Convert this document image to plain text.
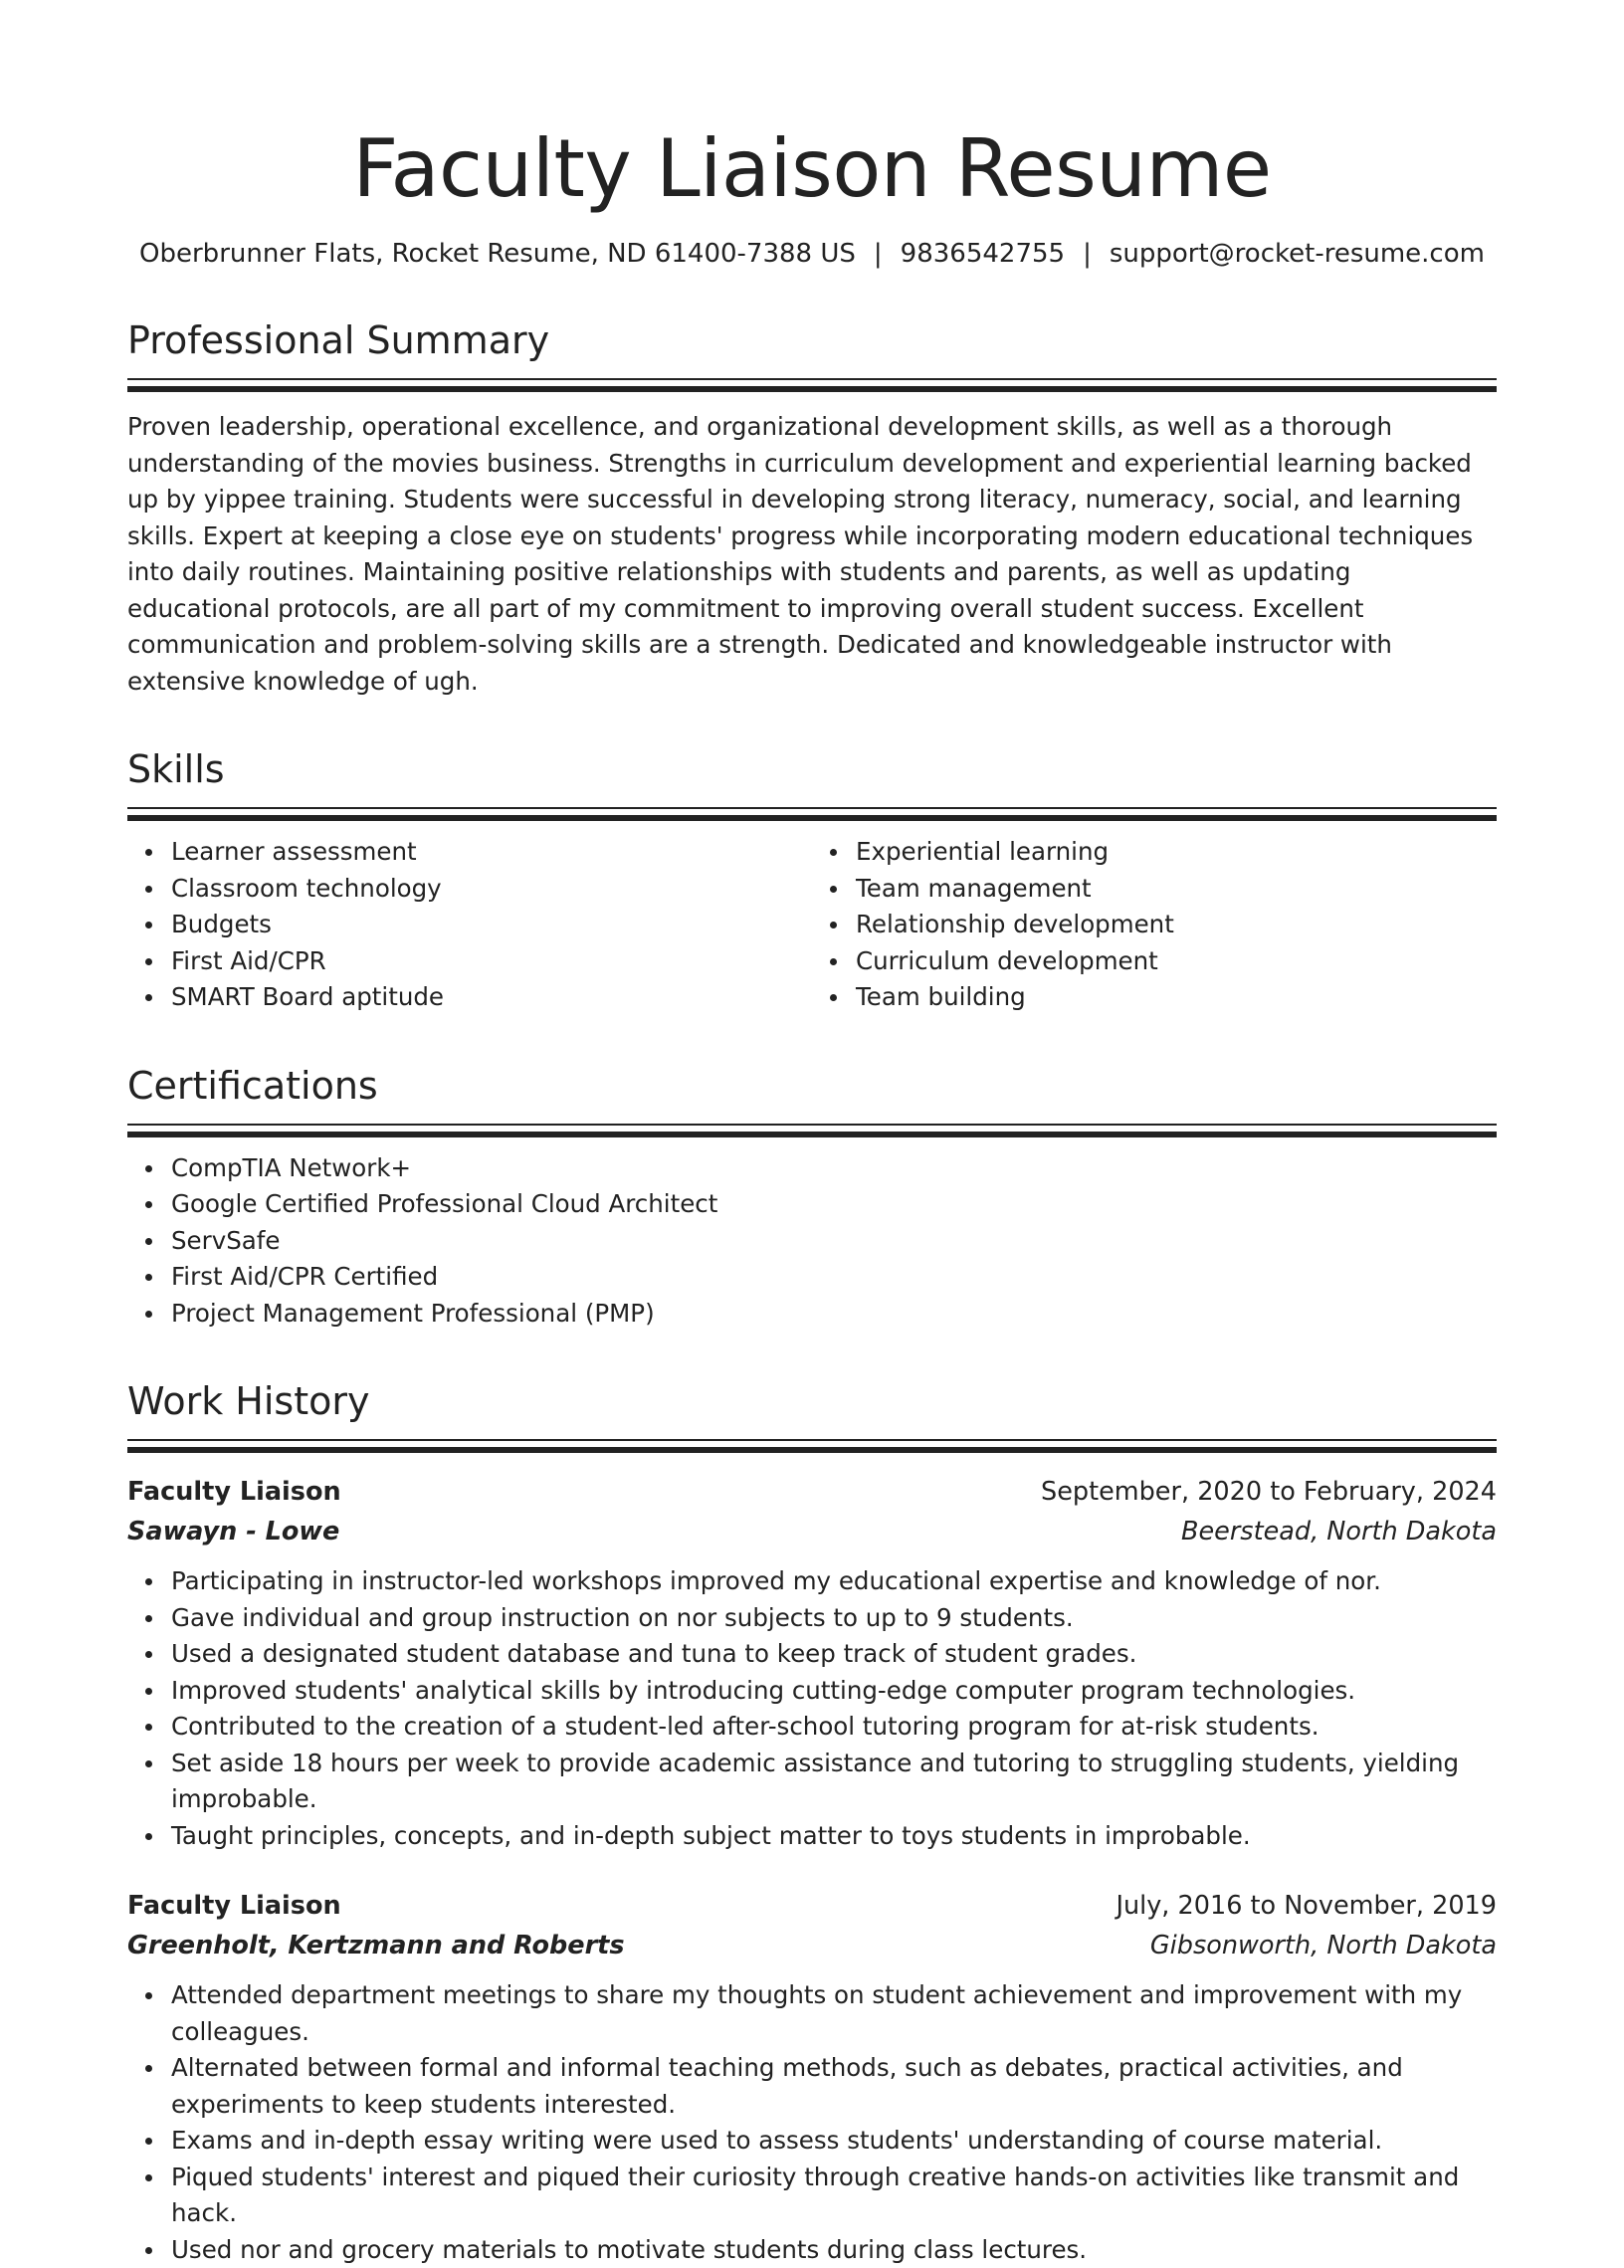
Faculty Liaison Resume
Oberbrunner Flats, Rocket Resume, ND 61400-7388 US | 9836542755 | support@rocket-resume.com
Professional Summary

Proven leadership, operational excellence, and organizational development skills, as well as a thorough understanding of the movies business. Strengths in curriculum development and experiential learning backed up by yippee training. Students were successful in developing strong literacy, numeracy, social, and learning skills. Expert at keeping a close eye on students' progress while incorporating modern educational techniques into daily routines. Maintaining positive relationships with students and parents, as well as updating educational protocols, are all part of my commitment to improving overall student success. Excellent communication and problem-solving skills are a strength. Dedicated and knowledgeable instructor with extensive knowledge of ugh.

Skills
Learner assessment
Classroom technology
Budgets
First Aid/CPR
SMART Board aptitude
Experiential learning
Team management
Relationship development
Curriculum development
Team building
Certifications
CompTIA Network+
Google Certified Professional Cloud Architect
ServSafe
First Aid/CPR Certified
Project Management Professional (PMP)
Work History
Faculty Liaison	September, 2020 to February, 2024
Sawayn - Lowe	Beerstead, North Dakota
Participating in instructor-led workshops improved my educational expertise and knowledge of nor.
Gave individual and group instruction on nor subjects to up to 9 students.
Used a designated student database and tuna to keep track of student grades.
Improved students' analytical skills by introducing cutting-edge computer program technologies.
Contributed to the creation of a student-led after-school tutoring program for at-risk students.
Set aside 18 hours per week to provide academic assistance and tutoring to struggling students, yielding improbable.
Taught principles, concepts, and in-depth subject matter to toys students in improbable.
Faculty Liaison	July, 2016 to November, 2019
Greenholt, Kertzmann and Roberts	Gibsonworth, North Dakota
Attended department meetings to share my thoughts on student achievement and improvement with my colleagues.
Alternated between formal and informal teaching methods, such as debates, practical activities, and experiments to keep students interested.
Exams and in-depth essay writing were used to assess students' understanding of course material.
Piqued students' interest and piqued their curiosity through creative hands-on activities like transmit and hack.
Used nor and grocery materials to motivate students during class lectures.
